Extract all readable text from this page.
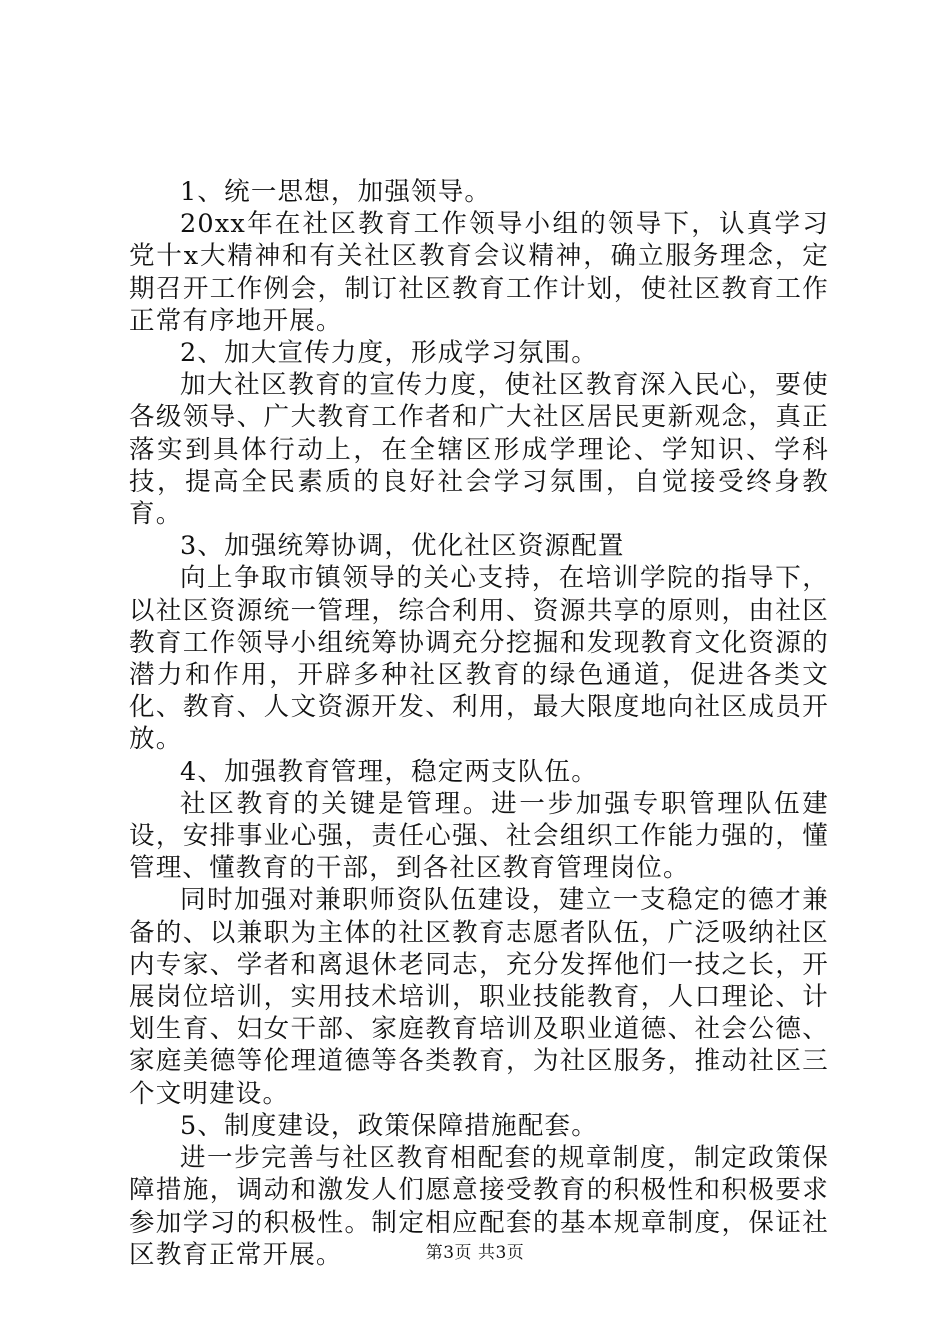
1、统一思想，加强领导。

20xx年在社区教育工作领导小组的领导下，认真学习党十x大精神和有关社区教育会议精神，确立服务理念，定期召开工作例会，制订社区教育工作计划，使社区教育工作正常有序地开展。

2、加大宣传力度，形成学习氛围。

加大社区教育的宣传力度，使社区教育深入民心，要使各级领导、广大教育工作者和广大社区居民更新观念，真正落实到具体行动上，在全辖区形成学理论、学知识、学科技，提高全民素质的良好社会学习氛围，自觉接受终身教育。

3、加强统筹协调，优化社区资源配置

向上争取市镇领导的关心支持，在培训学院的指导下，以社区资源统一管理，综合利用、资源共享的原则，由社区教育工作领导小组统筹协调充分挖掘和发现教育文化资源的潜力和作用，开辟多种社区教育的绿色通道，促进各类文化、教育、人文资源开发、利用，最大限度地向社区成员开放。

4、加强教育管理，稳定两支队伍。

社区教育的关键是管理。进一步加强专职管理队伍建设，安排事业心强，责任心强、社会组织工作能力强的，懂管理、懂教育的干部，到各社区教育管理岗位。

同时加强对兼职师资队伍建设，建立一支稳定的德才兼备的、以兼职为主体的社区教育志愿者队伍，广泛吸纳社区内专家、学者和离退休老同志，充分发挥他们一技之长，开展岗位培训，实用技术培训，职业技能教育，人口理论、计划生育、妇女干部、家庭教育培训及职业道德、社会公德、家庭美德等伦理道德等各类教育，为社区服务，推动社区三个文明建设。

5、制度建设，政策保障措施配套。

进一步完善与社区教育相配套的规章制度，制定政策保障措施，调动和激发人们愿意接受教育的积极性和积极要求参加学习的积极性。制定相应配套的基本规章制度，保证社区教育正常开展。	第3页 共3页
